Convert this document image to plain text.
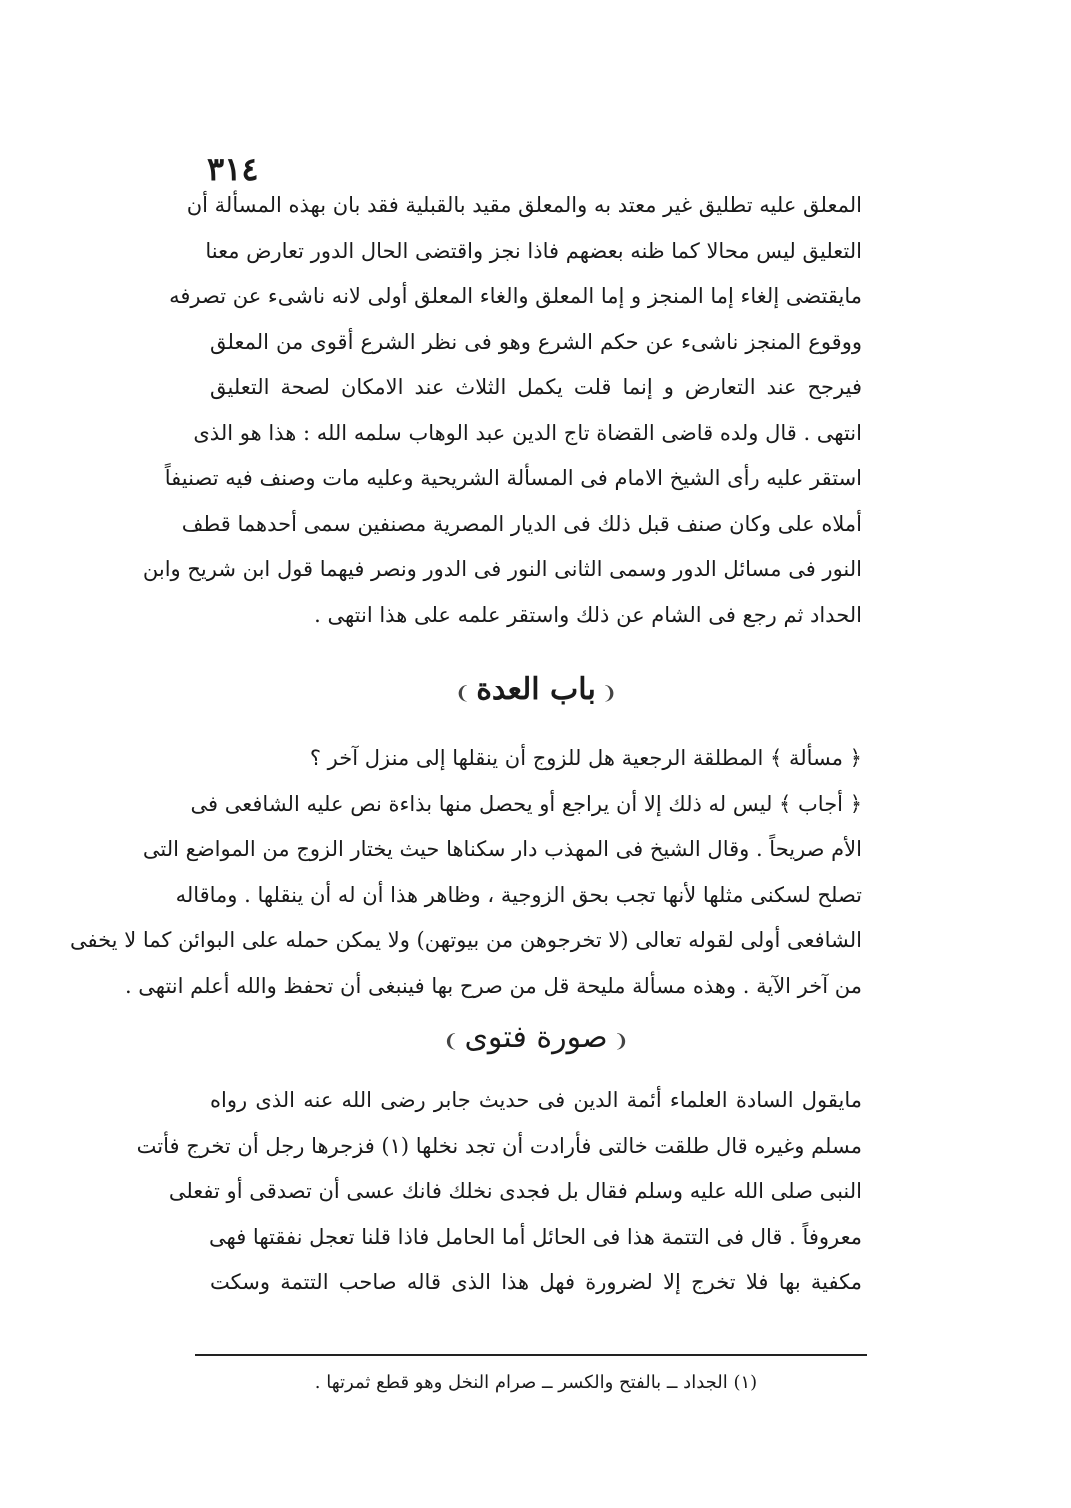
٣١٤
المعلق عليه تطليق غير معتد به والمعلق مقيد بالقبلية فقد بان بهذه المسألة أن
التعليق ليس محالا كما ظنه بعضهم فاذا نجز واقتضى الحال الدور تعارض معنا
مايقتضى إلغاء إما المنجز و إما المعلق والغاء المعلق أولى لانه ناشىء عن تصرفه
ووقوع المنجز ناشىء عن حكم الشرع وهو فى نظر الشرع أقوى من المعلق
فيرجح عند التعارض و إنما قلت يكمل الثلاث عند الامكان لصحة التعليق
انتهى . قال ولده قاضى القضاة تاج الدين عبد الوهاب سلمه الله : هذا هو الذى
استقر عليه رأى الشيخ الامام فى المسألة الشريحية وعليه مات وصنف فيه تصنيفاً
أملاه على وكان صنف قبل ذلك فى الديار المصرية مصنفين سمى أحدهما قطف
النور فى مسائل الدور وسمى الثانى النور فى الدور ونصر فيهما قول ابن شريح وابن
الحداد ثم رجع فى الشام عن ذلك واستقر علمه على هذا انتهى .
❨باب العدة❩
﴿ مسألة ﴾ المطلقة الرجعية هل للزوج أن ينقلها إلى منزل آخر ؟
﴿ أجاب ﴾ ليس له ذلك إلا أن يراجع أو يحصل منها بذاءة نص عليه الشافعى فى
الأم صريحاً . وقال الشيخ فى المهذب دار سكناها حيث يختار الزوج من المواضع التى
تصلح لسكنى مثلها لأنها تجب بحق الزوجية ، وظاهر هذا أن له أن ينقلها . وماقاله
الشافعى أولى لقوله تعالى (لا تخرجوهن من بيوتهن) ولا يمكن حمله على البوائن كما لا يخفى
من آخر الآية . وهذه مسألة مليحة قل من صرح بها فينبغى أن تحفظ والله أعلم انتهى .
❨صورة فتوى❩
مايقول السادة العلماء أئمة الدين فى حديث جابر رضى الله عنه الذى رواه
مسلم وغيره قال طلقت خالتى فأرادت أن تجد نخلها (١) فزجرها رجل أن تخرج فأتت
النبى صلى الله عليه وسلم فقال بل فجدى نخلك فانك عسى أن تصدقى أو تفعلى
معروفاً . قال فى التتمة هذا فى الحائل أما الحامل فاذا قلنا تعجل نفقتها فهى
مكفية بها فلا تخرج إلا لضرورة فهل هذا الذى قاله صاحب التتمة وسكت
(١) الجداد ــ بالفتح والكسر ــ صرام النخل وهو قطع ثمرتها .
